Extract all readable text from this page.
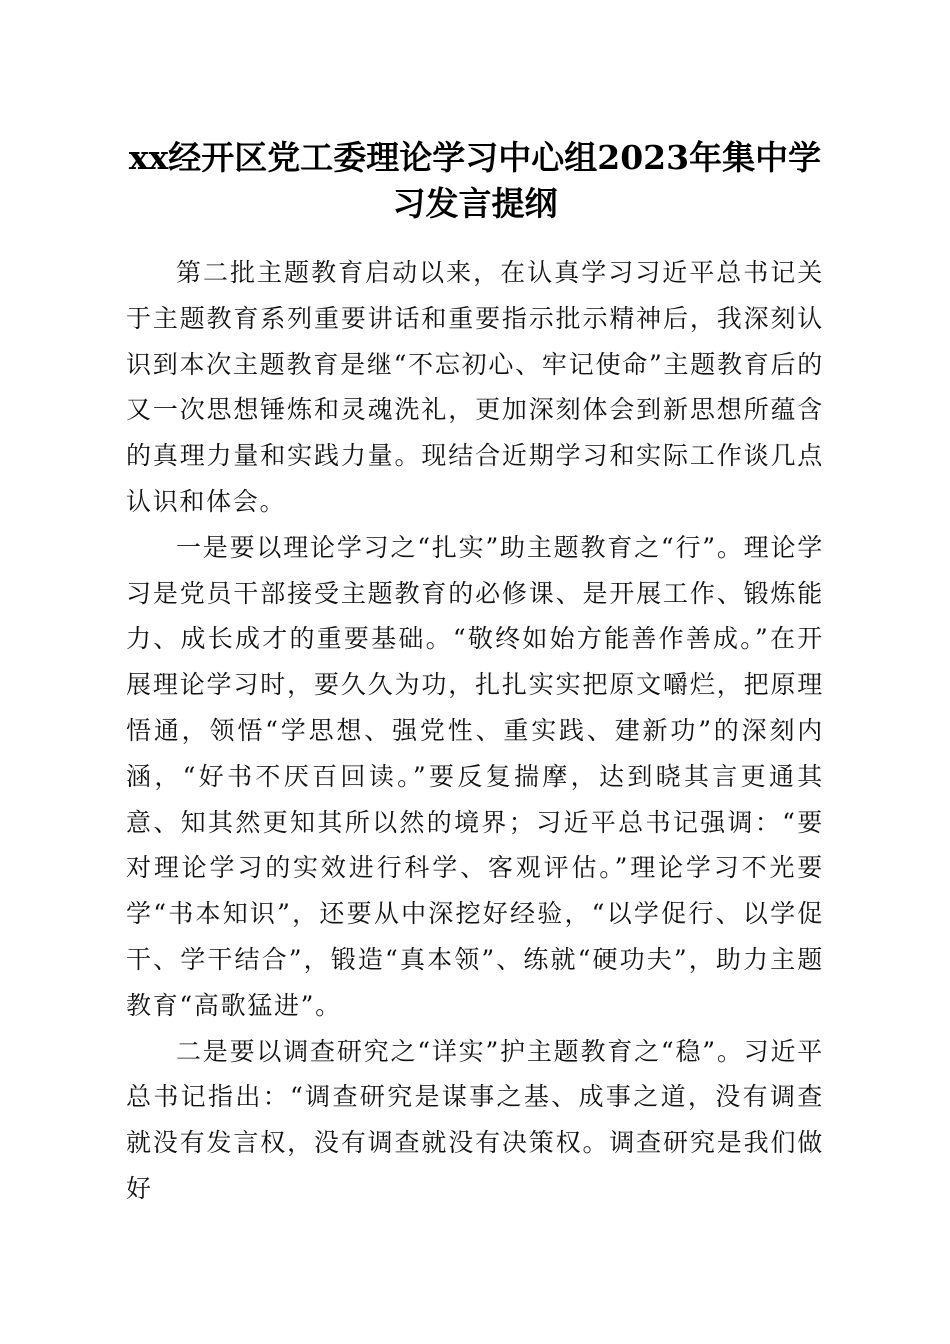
xx经开区党工委理论学习中心组2023年集中学习发言提纲

第二批主题教育启动以来，在认真学习习近平总书记关于主题教育系列重要讲话和重要指示批示精神后，我深刻认识到本次主题教育是继“不忘初心、牢记使命”主题教育后的又一次思想锤炼和灵魂洗礼，更加深刻体会到新思想所蕴含的真理力量和实践力量。现结合近期学习和实际工作谈几点认识和体会。

一是要以理论学习之“扎实”助主题教育之“行”。理论学习是党员干部接受主题教育的必修课、是开展工作、锻炼能力、成长成才的重要基础。“敬终如始方能善作善成。”在开展理论学习时，要久久为功，扎扎实实把原文嚼烂，把原理悟通，领悟“学思想、强党性、重实践、建新功”的深刻内涵，“好书不厌百回读。”要反复揣摩，达到晓其言更通其意、知其然更知其所以然的境界；习近平总书记强调：“要对理论学习的实效进行科学、客观评估。”理论学习不光要学“书本知识”，还要从中深挖好经验，“以学促行、以学促干、学干结合”，锻造“真本领”、练就“硬功夫”，助力主题教育“高歌猛进”。

二是要以调查研究之“详实”护主题教育之“稳”。习近平总书记指出：“调查研究是谋事之基、成事之道，没有调查就没有发言权，没有调查就没有决策权。调查研究是我们做好
